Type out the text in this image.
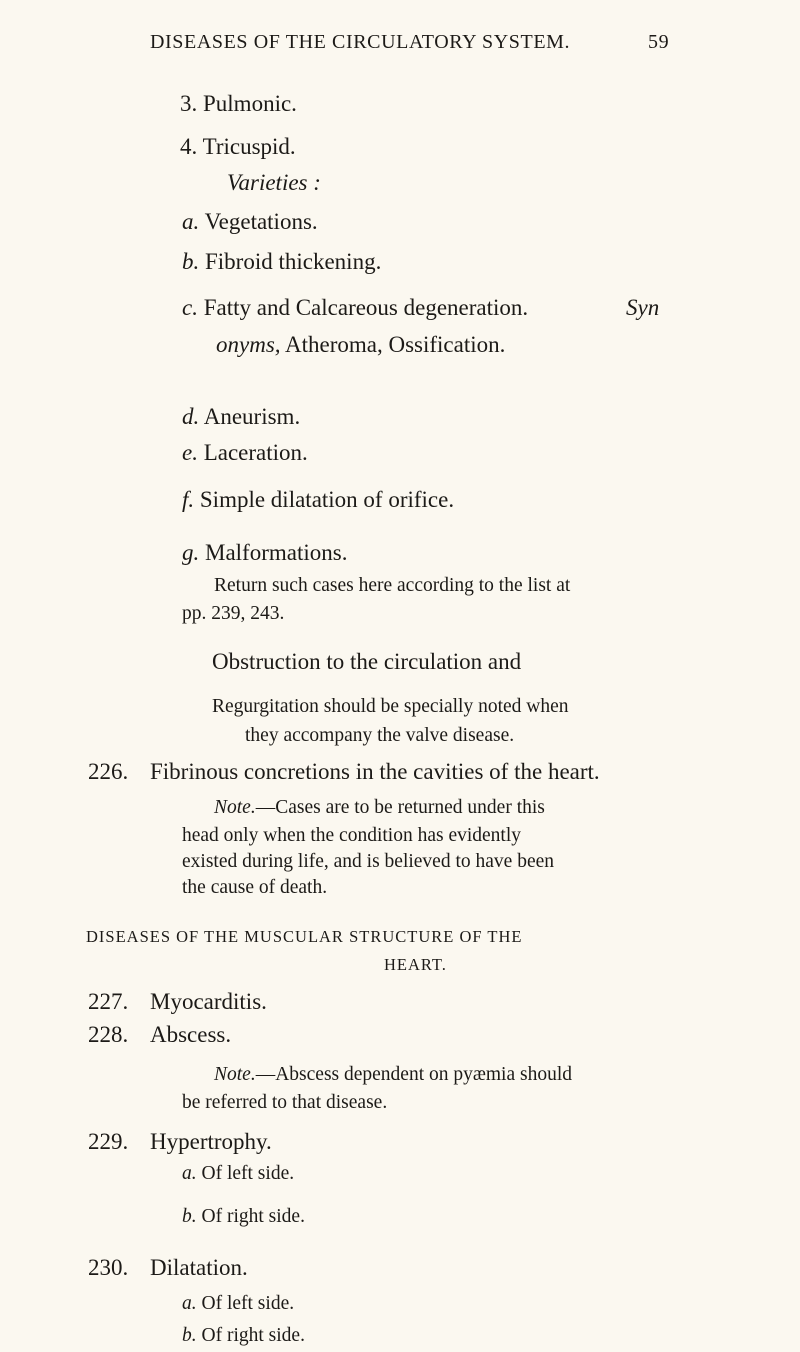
DISEASES OF THE CIRCULATORY SYSTEM.	59
3. Pulmonic.
4. Tricuspid.
Varieties :
a. Vegetations.
b. Fibroid thickening.
c. Fatty and Calcareous degeneration.	Syn
onyms, Atheroma, Ossification.
d. Aneurism.
e. Laceration.
f. Simple dilatation of orifice.
g. Malformations.
Return such cases here according to the list at
pp. 239, 243.
Obstruction to the circulation and
Regurgitation should be specially noted when
they accompany the valve disease.
226. Fibrinous concretions in the cavities of the heart.
Note.—Cases are to be returned under this
head only when the condition has evidently
existed during life, and is believed to have been
the cause of death.
DISEASES OF THE MUSCULAR STRUCTURE OF THE
HEART.
227. Myocarditis.
228. Abscess.
Note.—Abscess dependent on pyæmia should
be referred to that disease.
229. Hypertrophy.
a. Of left side.
b. Of right side.
230. Dilatation.
a. Of left side.
b. Of right side.
